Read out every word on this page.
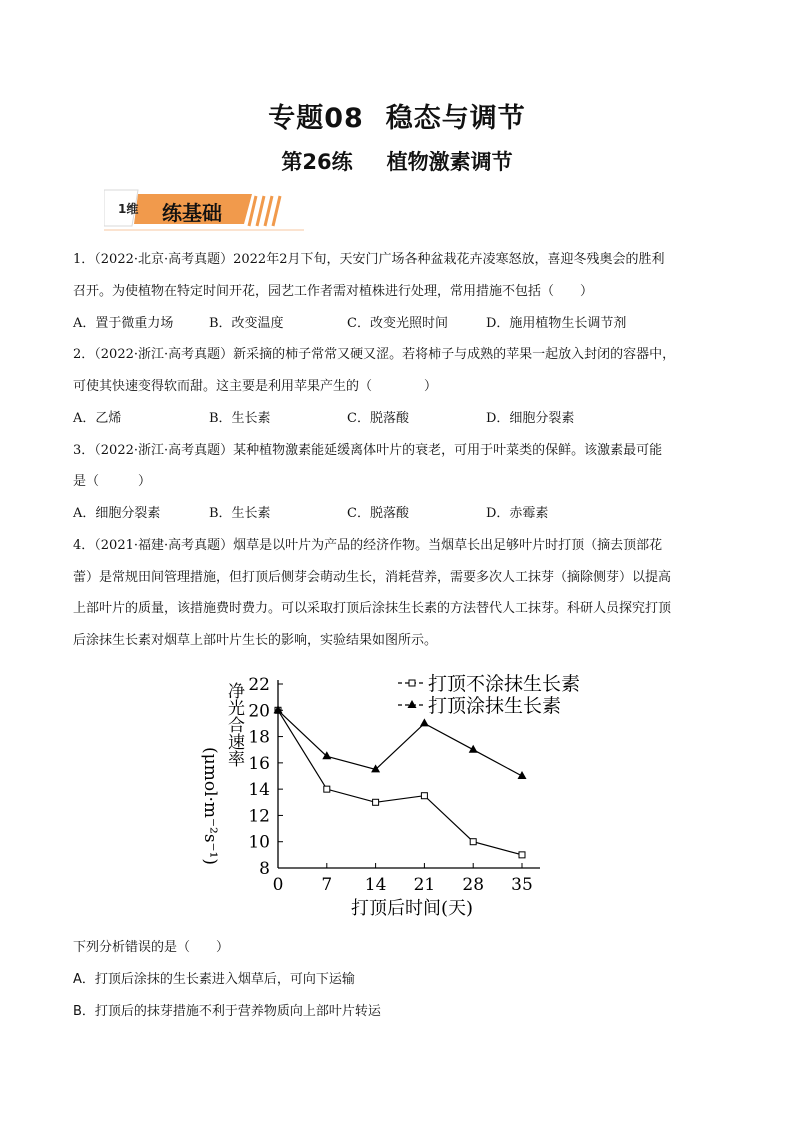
专题08 稳态与调节
第26练 植物激素调节
1维 练基础
1．（2022·北京·高考真题）2022年2月下旬，天安门广场各种盆栽花卉凌寒怒放，喜迎冬残奥会的胜利
召开。为使植物在特定时间开花，园艺工作者需对植株进行处理，常用措施不包括（　　）
A．置于微重力场	B．改变温度	C．改变光照时间	D．施用植物生长调节剂
2．（2022·浙江·高考真题）新采摘的柿子常常又硬又涩。若将柿子与成熟的苹果一起放入封闭的容器中，
可使其快速变得软而甜。这主要是利用苹果产生的（　　　　）
A．乙烯	B．生长素	C．脱落酸	D．细胞分裂素
3．（2022·浙江·高考真题）某种植物激素能延缓离体叶片的衰老，可用于叶菜类的保鲜。该激素最可能
是（　　　）
A．细胞分裂素	B．生长素	C．脱落酸	D．赤霉素
4．（2021·福建·高考真题）烟草是以叶片为产品的经济作物。当烟草长出足够叶片时打顶（摘去顶部花
蕾）是常规田间管理措施，但打顶后侧芽会萌动生长，消耗营养，需要多次人工抹芽（摘除侧芽）以提高
上部叶片的质量，该措施费时费力。可以采取打顶后涂抹生长素的方法替代人工抹芽。科研人员探究打顶
后涂抹生长素对烟草上部叶片生长的影响，实验结果如图所示。
(μmol·m⁻²s⁻¹)
净光合速率
0 7 14 21 28 35
8
10
12
14
16
18
20
22	打顶不涂抹生长素
打顶涂抹生长素
打顶后时间(天)
下列分析错误的是（　　）
A．打顶后涂抹的生长素进入烟草后，可向下运输
B．打顶后的抹芽措施不利于营养物质向上部叶片转运
